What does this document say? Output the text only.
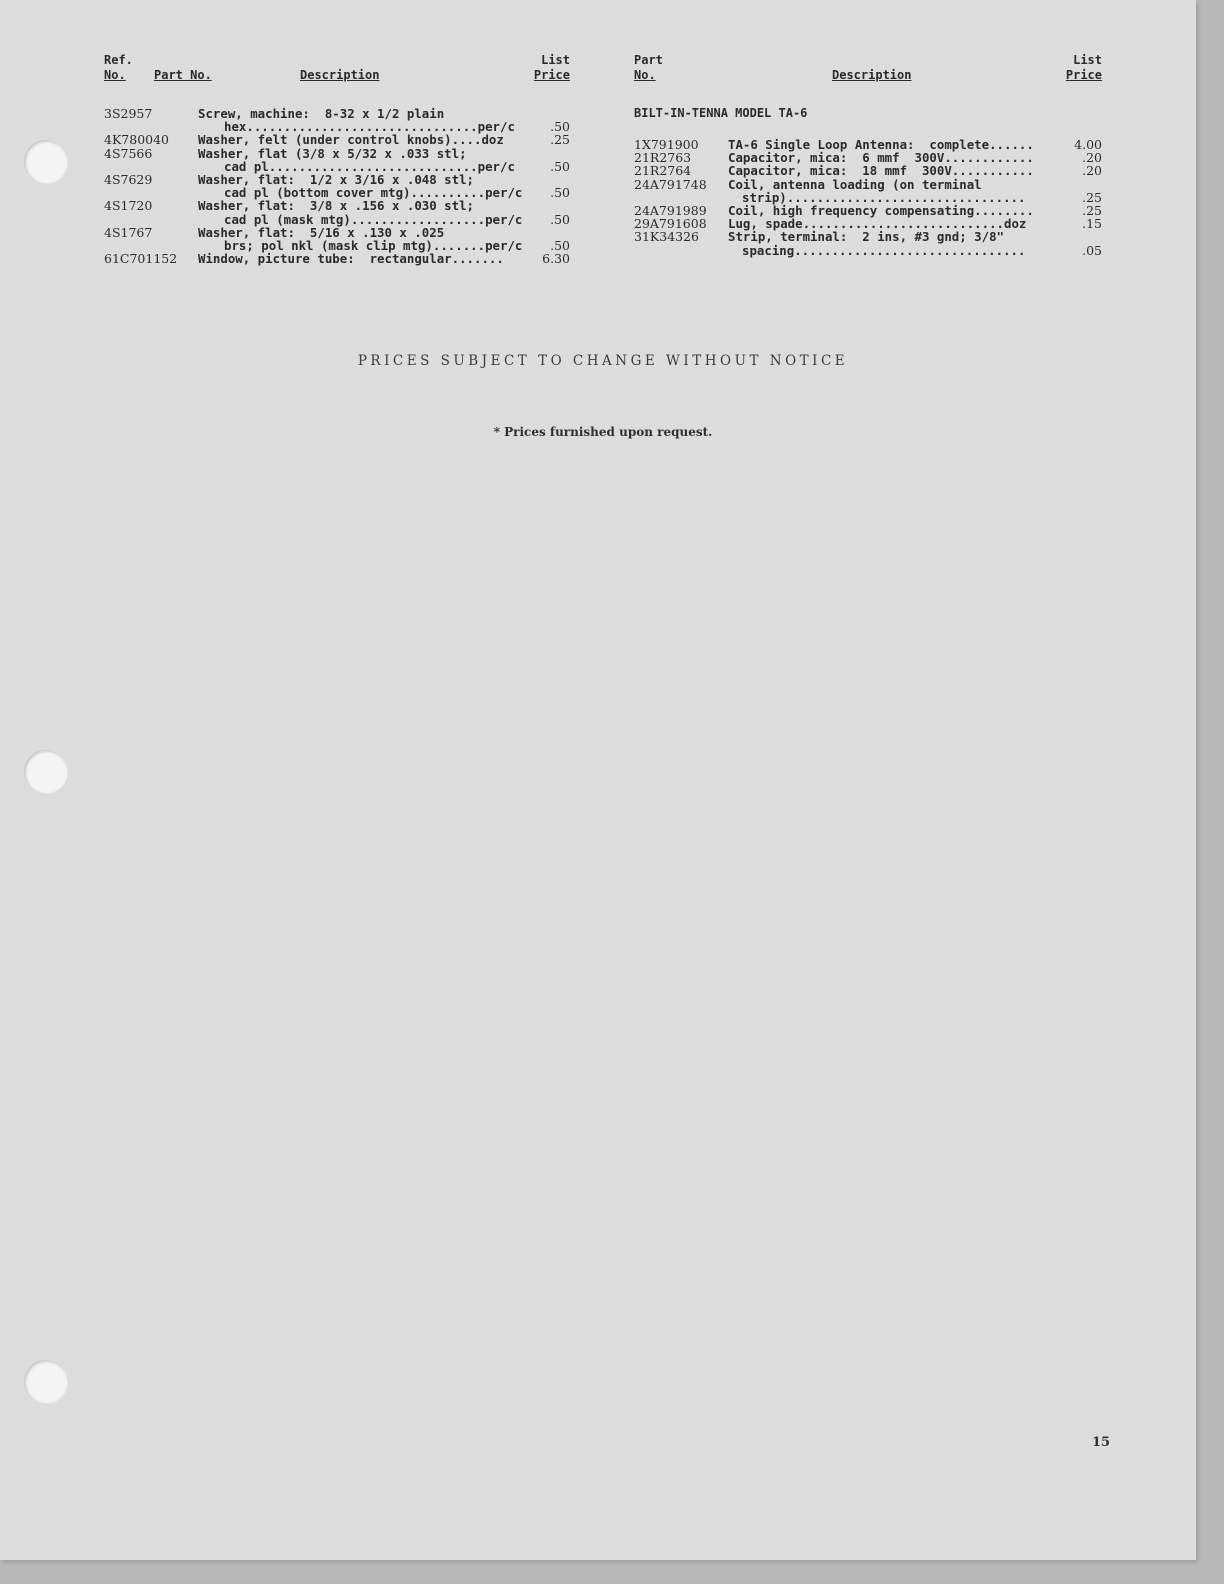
Ref.
No.	Part No.	Description
List
Price
3S2957	Screw, machine:  8-32 x 1/2 plain
hex...............................per/c	.50
4K780040 Washer, felt (under control knobs)....doz	.25
4S7566	Washer, flat (3/8 x 5/32 x .033 stl;
cad pl............................per/c	.50
4S7629	Washer, flat:  1/2 x 3/16 x .048 stl;
cad pl (bottom cover mtg)..........per/c	.50
4S1720	Washer, flat:  3/8 x .156 x .030 stl;
cad pl (mask mtg)..................per/c	.50
4S1767	Washer, flat:  5/16 x .130 x .025
brs; pol nkl (mask clip mtg).......per/c	.50
61C701152 Window, picture tube:  rectangular.......	6.30
Part
No.	Description
List
Price
BILT-IN-TENNA MODEL TA-6
1X791900 TA-6 Single Loop Antenna:  complete......	4.00
21R2763	Capacitor, mica:  6 mmf  300V............	.20
21R2764	Capacitor, mica:  18 mmf  300V...........	.20
24A791748 Coil, antenna loading (on terminal
strip)................................	.25
24A791989 Coil, high frequency compensating........	.25
29A791608 Lug, spade...........................doz	.15
31K34326 Strip, terminal:  2 ins, #3 gnd; 3/8"
spacing...............................	.05
PRICES SUBJECT TO CHANGE WITHOUT NOTICE
* Prices furnished upon request.
15
